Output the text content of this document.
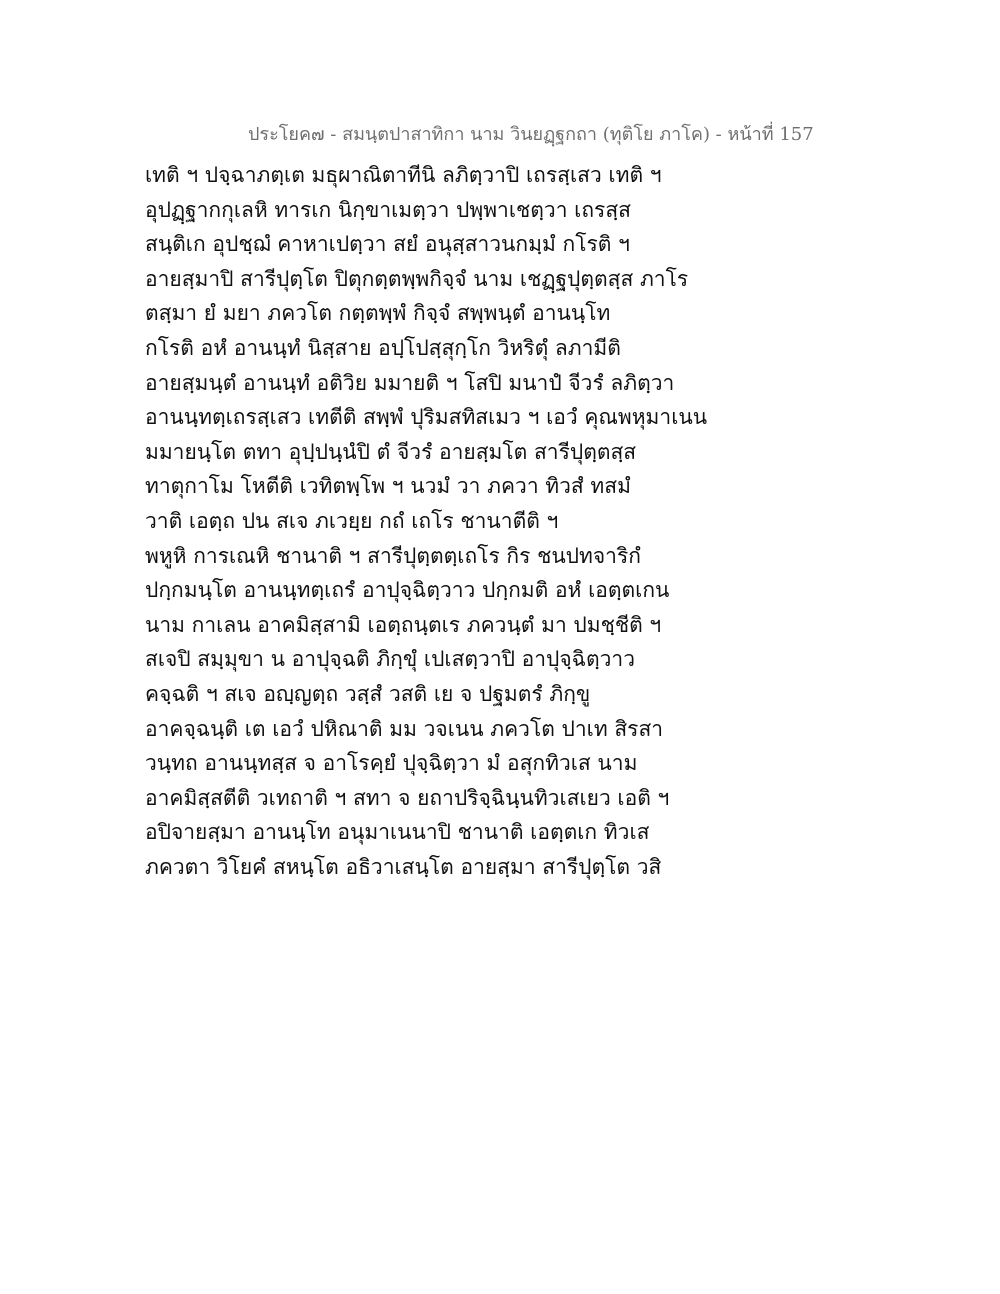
ประโยค๗ - สมนฺตปาสาทิกา นาม วินยฏฺฐกถา (ทุติโย ภาโค) - หน้าที่ 157
เทติ ฯ ปจฺฉาภตฺเต มธุผาณิตาทีนิ ลภิตฺวาปิ เถรสฺเสว เทติ ฯ
อุปฏฺฐากกุเลหิ ทารเก นิกฺขาเมตฺวา ปพฺพาเชตฺวา เถรสฺส
สนฺติเก อุปชฺฌํ คาหาเปตฺวา สยํ อนุสฺสาวนกมฺมํ กโรติ ฯ
อายสฺมาปิ สารีปุตฺโต ปิตุกตฺตพฺพกิจฺจํ นาม เชฏฺฐปุตฺตสฺส ภาโร
ตสฺมา ยํ มยา ภควโต กตฺตพฺพํ กิจฺจํ สพฺพนฺตํ อานนฺโท
กโรติ อหํ อานนฺทํ นิสฺสาย อปฺโปสฺสุกฺโก วิหริตุํ ลภามีติ
อายสฺมนฺตํ อานนฺทํ อติวิย มมายติ ฯ โสปิ มนาปํ จีวรํ ลภิตฺวา
อานนฺทตฺเถรสฺเสว เทตีติ สพฺพํ ปุริมสทิสเมว ฯ เอวํ คุณพหุมาเนน
มมายนฺโต ตทา อุปฺปนฺนํปิ ตํ จีวรํ อายสฺมโต สารีปุตฺตสฺส
ทาตุกาโม โหตีติ เวทิตพฺโพ ฯ นวมํ วา ภควา ทิวสํ ทสมํ
วาติ เอตฺถ ปน สเจ ภเวยฺย กถํ เถโร ชานาตีติ ฯ
พหูหิ การเณหิ ชานาติ ฯ สารีปุตฺตตฺเถโร กิร ชนปทจาริกํ
ปกฺกมนฺโต อานนฺทตฺเถรํ อาปุจฺฉิตฺวาว ปกฺกมติ อหํ เอตฺตเกน
นาม กาเลน อาคมิสฺสามิ เอตฺถนฺตเร ภควนฺตํ มา ปมชฺชีติ ฯ
สเจปิ สมฺมุขา น อาปุจฺฉติ ภิกฺขุํ เปเสตฺวาปิ อาปุจฺฉิตฺวาว
คจฺฉติ ฯ สเจ อญฺญตฺถ วสฺสํ วสติ เย จ ปฐมตรํ ภิกฺขู
อาคจฺฉนฺติ เต เอวํ ปหิณาติ มม วจเนน ภควโต ปาเท สิรสา
วนฺทถ อานนฺทสฺส จ อาโรคฺยํ ปุจฺฉิตฺวา มํ อสุกทิวเส นาม
อาคมิสฺสตีติ วเทถาติ ฯ สทา จ ยถาปริจฺฉินฺนทิวเสเยว เอติ ฯ
อปิจายสฺมา อานนฺโท อนุมาเนนาปิ ชานาติ เอตฺตเก ทิวเส
ภควตา วิโยคํ สหนฺโต อธิวาเสนฺโต อายสฺมา สารีปุตฺโต วสิ
